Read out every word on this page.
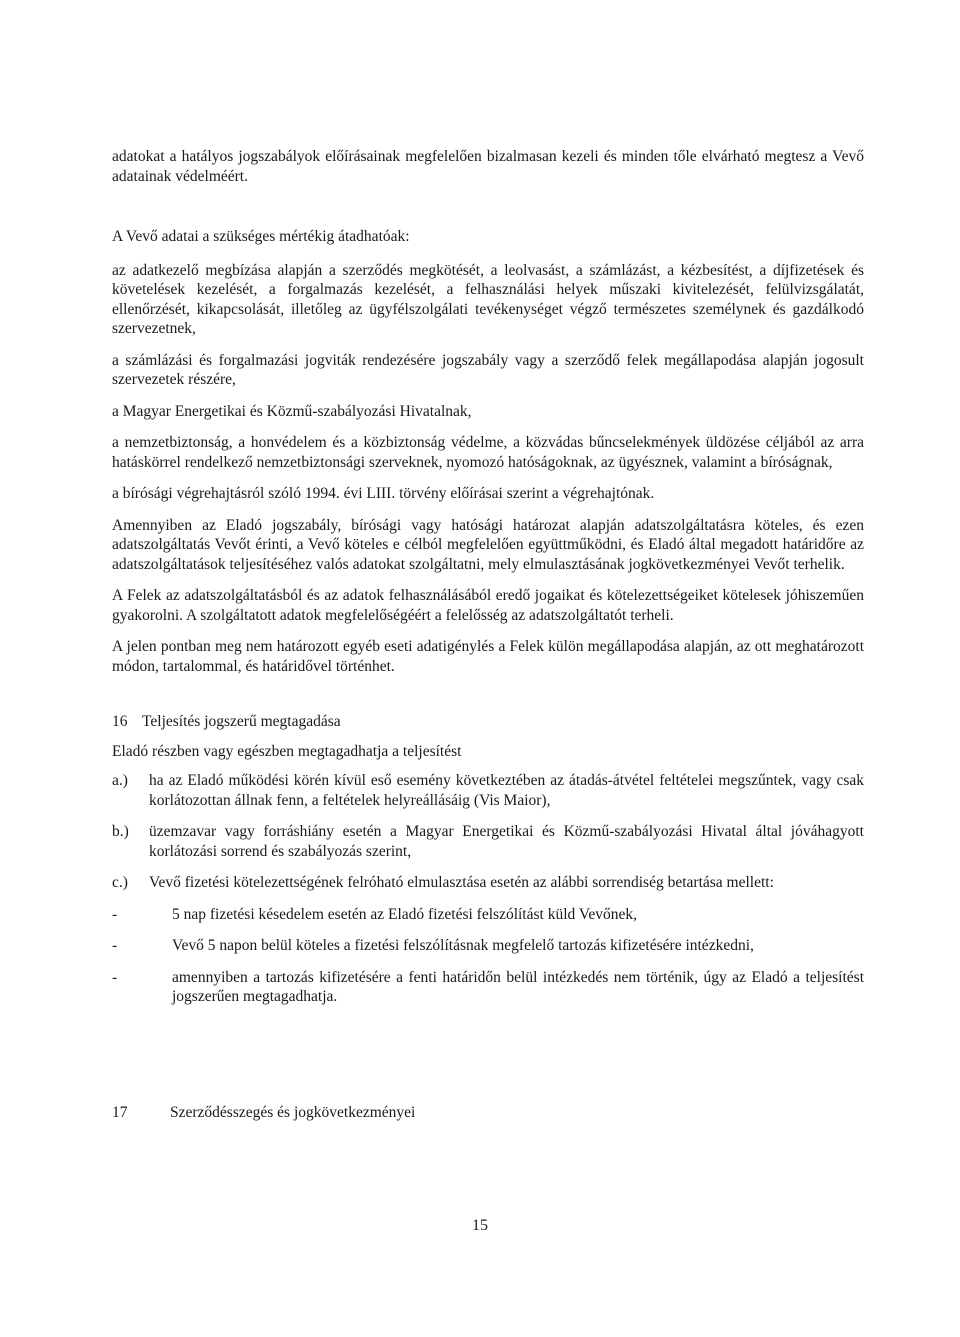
adatokat a hatályos jogszabályok előírásainak megfelelően bizalmasan kezeli és minden tőle elvárható megtesz a Vevő adatainak védelméért.

A Vevő adatai a szükséges mértékig átadhatóak:

az adatkezelő megbízása alapján a szerződés megkötését, a leolvasást, a számlázást, a kézbesítést, a díjfizetések és követelések kezelését, a forgalmazás kezelését, a felhasználási helyek műszaki kivitelezését, felülvizsgálatát, ellenőrzését, kikapcsolását, illetőleg az ügyfélszolgálati tevékenységet végző természetes személynek és gazdálkodó szervezetnek,

a számlázási és forgalmazási jogviták rendezésére jogszabály vagy a szerződő felek megállapodása alapján jogosult szervezetek részére,

a Magyar Energetikai és Közmű-szabályozási Hivatalnak,

a nemzetbiztonság, a honvédelem és a közbiztonság védelme, a közvádas bűncselekmények üldözése céljából az arra hatáskörrel rendelkező nemzetbiztonsági szerveknek, nyomozó hatóságoknak, az ügyésznek, valamint a bíróságnak,

a bírósági végrehajtásról szóló 1994. évi LIII. törvény előírásai szerint a végrehajtónak.

Amennyiben az Eladó jogszabály, bírósági vagy hatósági határozat alapján adatszolgáltatásra köteles, és ezen adatszolgáltatás Vevőt érinti, a Vevő köteles e célból megfelelően együttműködni, és Eladó által megadott határidőre az adatszolgáltatások teljesítéséhez valós adatokat szolgáltatni, mely elmulasztásának jogkövetkezményei Vevőt terhelik.

A Felek az adatszolgáltatásból és az adatok felhasználásából eredő jogaikat és kötelezettségeiket kötelesek jóhiszeműen gyakorolni. A szolgáltatott adatok megfelelőségéért a felelősség az adatszolgáltatót terheli.

A jelen pontban meg nem határozott egyéb eseti adatigénylés a Felek külön megállapodása alapján, az ott meghatározott módon, tartalommal, és határidővel történhet.

16 Teljesítés jogszerű megtagadása

Eladó részben vagy egészben megtagadhatja a teljesítést

a.)	ha az Eladó működési körén kívül eső esemény következtében az átadás-átvétel feltételei megszűntek, vagy csak korlátozottan állnak fenn, a feltételek helyreállásáig (Vis Maior),
b.)	üzemzavar vagy forráshiány esetén a Magyar Energetikai és Közmű-szabályozási Hivatal által jóváhagyott korlátozási sorrend és szabályozás szerint,
c.)	Vevő fizetési kötelezettségének felróható elmulasztása esetén az alábbi sorrendiség betartása mellett:
-	5 nap fizetési késedelem esetén az Eladó fizetési felszólítást küld Vevőnek,
-	Vevő 5 napon belül köteles a fizetési felszólításnak megfelelő tartozás kifizetésére intézkedni,
-	amennyiben a tartozás kifizetésére a fenti határidőn belül intézkedés nem történik, úgy az Eladó a teljesítést jogszerűen megtagadhatja.
17	Szerződésszegés és jogkövetkezményei
15
